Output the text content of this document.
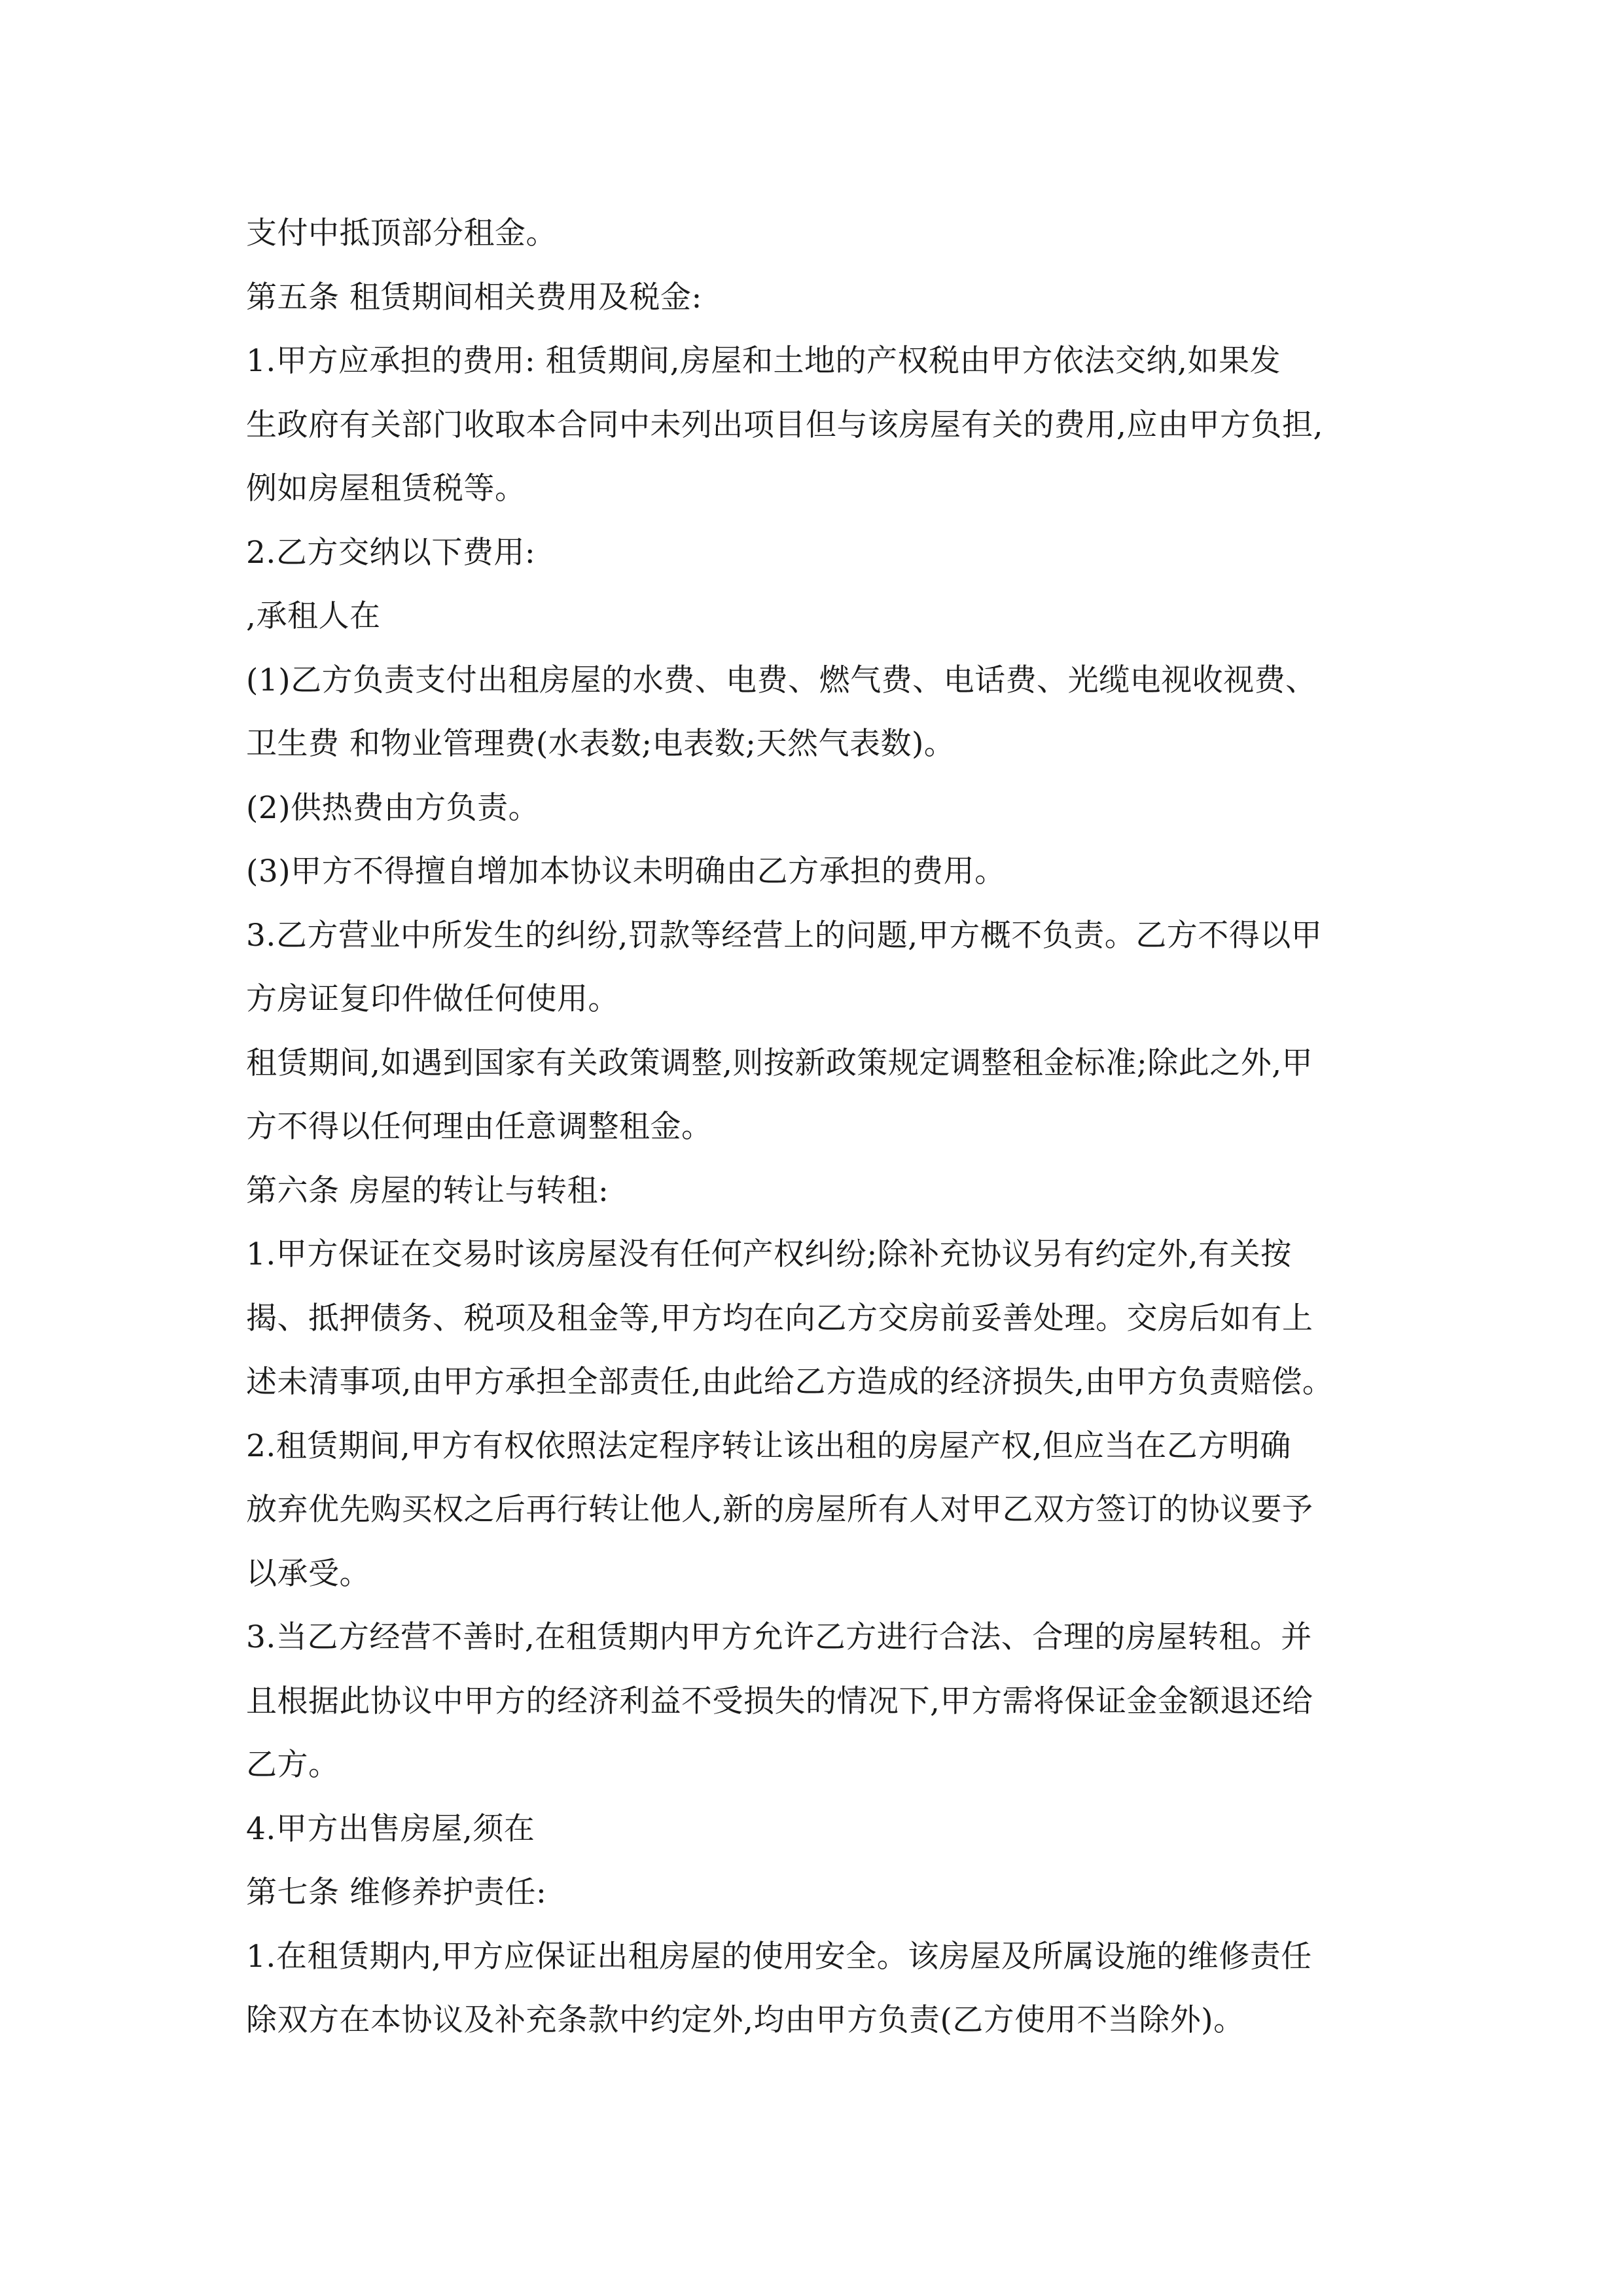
支付中抵顶部分租金。
第五条 租赁期间相关费用及税金:
1.甲方应承担的费用: 租赁期间,房屋和土地的产权税由甲方依法交纳,如果发
生政府有关部门收取本合同中未列出项目但与该房屋有关的费用,应由甲方负担,
例如房屋租赁税等。
2.乙方交纳以下费用:
,承租人在
(1)乙方负责支付出租房屋的水费、电费、燃气费、电话费、光缆电视收视费、
卫生费 和物业管理费(水表数;电表数;天然气表数)。
(2)供热费由方负责。
(3)甲方不得擅自增加本协议未明确由乙方承担的费用。
3.乙方营业中所发生的纠纷,罚款等经营上的问题,甲方概不负责。乙方不得以甲
方房证复印件做任何使用。
租赁期间,如遇到国家有关政策调整,则按新政策规定调整租金标准;除此之外,甲
方不得以任何理由任意调整租金。
第六条 房屋的转让与转租:
1.甲方保证在交易时该房屋没有任何产权纠纷;除补充协议另有约定外,有关按
揭、抵押债务、税项及租金等,甲方均在向乙方交房前妥善处理。交房后如有上
述未清事项,由甲方承担全部责任,由此给乙方造成的经济损失,由甲方负责赔偿。
2.租赁期间,甲方有权依照法定程序转让该出租的房屋产权,但应当在乙方明确
放弃优先购买权之后再行转让他人,新的房屋所有人对甲乙双方签订的协议要予
以承受。
3.当乙方经营不善时,在租赁期内甲方允许乙方进行合法、合理的房屋转租。并
且根据此协议中甲方的经济利益不受损失的情况下,甲方需将保证金金额退还给
乙方。
4.甲方出售房屋,须在
第七条 维修养护责任:
1.在租赁期内,甲方应保证出租房屋的使用安全。该房屋及所属设施的维修责任
除双方在本协议及补充条款中约定外,均由甲方负责(乙方使用不当除外)。
